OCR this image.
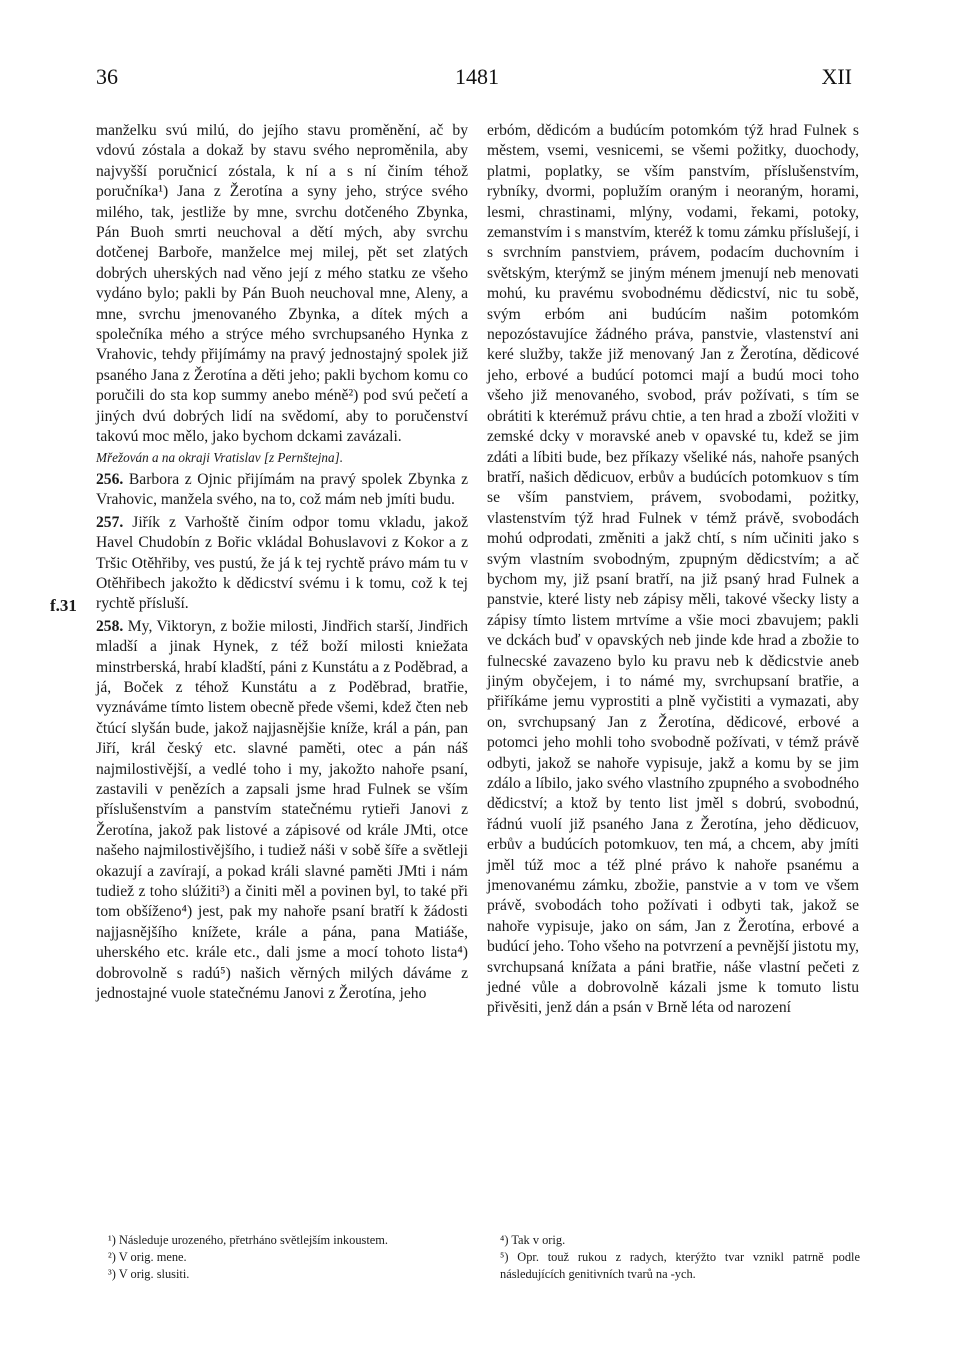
36	1481	XII
f.31

manželku svú milú, do jejího stavu proměnění, ač by vdovú zóstala a dokaž by stavu svého neproměnila, aby najvyšší poručnicí zóstala, k ní a s ní činím téhož poručníka¹) Jana z Žerotína a syny jeho, strýce svého milého, tak, jestliže by mne, svrchu dotčeného Zbynka, Pán Buoh smrti neuchoval a dětí mých, aby svrchu dotčenej Barboře, manželce mej milej, pět set zlatých dobrých uherských nad věno její z mého statku ze všeho vydáno bylo; pakli by Pán Buoh neuchoval mne, Aleny, a mne, svrchu jmenovaného Zbynka, a dítek mých a společníka mého a strýce mého svrchupsaného Hynka z Vrahovic, tehdy přijímámy na pravý jednostajný spolek již psaného Jana z Žerotína a děti jeho; pakli bychom komu co poručili do sta kop summy anebo méně²) pod svú pečetí a jiných dvú dobrých lidí na svědomí, aby to poručenství takovú moc mělo, jako bychom dckami zavázali.

Mřežován a na okraji Vratislav [z Pernštejna].

256. Barbora z Ojnic přijímám na pravý spolek Zbynka z Vrahovic, manžela svého, na to, což mám neb jmíti budu.

257. Jiřík z Varhoště činím odpor tomu vkladu, jakož Havel Chudobín z Bořic vkládal Bohuslavovi z Kokor a z Tršic Otěhřiby, ves pustú, že já k tej rychtě právo mám tu v Otěhřibech jakožto k dědicství svému i k tomu, což k tej rychtě přísluší.

258. My, Viktoryn, z božie milosti, Jindřich starší, Jindřich mladší a jinak Hynek, z též boží milosti kniežata minstrberská, hrabí kladští, páni z Kunstátu a z Poděbrad, a já, Boček z téhož Kunstátu a z Poděbrad, bratřie, vyznáváme tímto listem obecně přede všemi, kdež čten neb čtúcí slyšán bude, jakož najjasnějšie kníže, král a pán, pan Jiří, král český etc. slavné paměti, otec a pán náš najmilostivější, a vedlé toho i my, jakožto nahoře psaní, zastavili v penězích a zapsali jsme hrad Fulnek se vším příslušenstvím a panstvím statečnému rytieři Janovi z Žerotína, jakož pak listové a zápisové od krále JMti, otce našeho najmilostivějšího, i tudiež náši v sobě šíře a světleji okazují a zavírají, a pokad králi slavné paměti JMti i nám tudiež z toho slúžiti³) a činiti měl a povinen byl, to také při tom obšíženo⁴) jest, pak my nahoře psaní bratří k žádosti najjasnějšího knížete, krále a pána, pana Matiáše, uherského etc. krále etc., dali jsme a mocí tohoto lista⁴) dobrovolně s radú⁵) našich věrných milých dáváme z jednostajné vuole statečnému Janovi z Žerotína, jeho

erbóm, dědicóm a budúcím potomkóm týž hrad Fulnek s městem, vsemi, vesnicemi, se všemi požitky, duochody, platmi, poplatky, se vším panstvím, příslušenstvím, rybníky, dvormi, poplužím oraným i neoraným, horami, lesmi, chrastinami, mlýny, vodami, řekami, potoky, zemanstvím i s manstvím, kteréž k tomu zámku příslušejí, i s svrchním panstviem, právem, podacím duchovním i světským, kterýmž se jiným ménem jmenují neb menovati mohú, ku pravému svobodnému dědicství, nic tu sobě, svým erbóm ani budúcím našim potomkóm nepozóstavujíce žádného práva, panstvie, vlastenství ani keré služby, takže již menovaný Jan z Žerotína, dědicové jeho, erbové a budúcí potomci mají a budú moci toho všeho již menovaného, svobod, práv požívati, s tím se obrátiti k kterémuž právu chtie, a ten hrad a zboží vložiti v zemské dcky v moravské aneb v opavské tu, kdež se jim zdáti a líbiti bude, bez příkazy všeliké nás, nahoře psaných bratří, našich dědicuov, erbův a budúcích potomkuov s tím se vším panstviem, právem, svobodami, pożitky, vlastenstvím týž hrad Fulnek v témž právě, svobodách mohú odprodati, změniti a jakž chtí, s ním učiniti jako s svým vlastním svobodným, zpupným dědicstvím; a ač bychom my, již psaní bratří, na již psaný hrad Fulnek a panstvie, které listy neb zápisy měli, takové všecky listy a zápisy tímto listem mrtvíme a všie moci zbavujem; pakli ve dckách buď v opavských neb jinde kde hrad a zbožie to fulnecské zavazeno bylo ku pravu neb k dědicstvie aneb jiným obyčejem, i to námé my, svrchupsaní bratřie, a přiříkáme jemu vyprostiti a plně vyčistiti a vymazati, aby on, svrchupsaný Jan z Žerotína, dědicové, erbové a potomci jeho mohli toho svobodně požívati, v témž právě odbyti, jakož se nahoře vypisuje, jakž a komu by se jim zdálo a líbilo, jako svého vlastního zpupného a svobodného dědicství; a ktož by tento list jměl s dobrú, svobodnú, řádnú vuolí již psaného Jana z Žerotína, jeho dědicuov, erbův a budúcích potomkuov, ten má, a chcem, aby jmíti jměl túž moc a též plné právo k nahoře psanému a jmenovanému zámku, zbožie, panstvie a v tom ve všem právě, svobodách toho požívati i odbyti tak, jakož se nahoře vypisuje, jako on sám, Jan z Žerotína, erbové a budúcí jeho. Toho všeho na potvrzení a pevnější jistotu my, svrchupsaná knížata a páni bratřie, náše vlastní pečeti z jedné vůle a dobrovolně kázali jsme k tomuto listu přivěsiti, jenž dán a psán v Brně léta od narození

¹) Následuje urozeného, přetrháno světlejším inkoustem.
²) V orig. mene.
³) V orig. slusiti.
⁴) Tak v orig.
⁵) Opr. touž rukou z radych, kterýžto tvar vznikl patrně podle následujících genitivních tvarů na -ych.
